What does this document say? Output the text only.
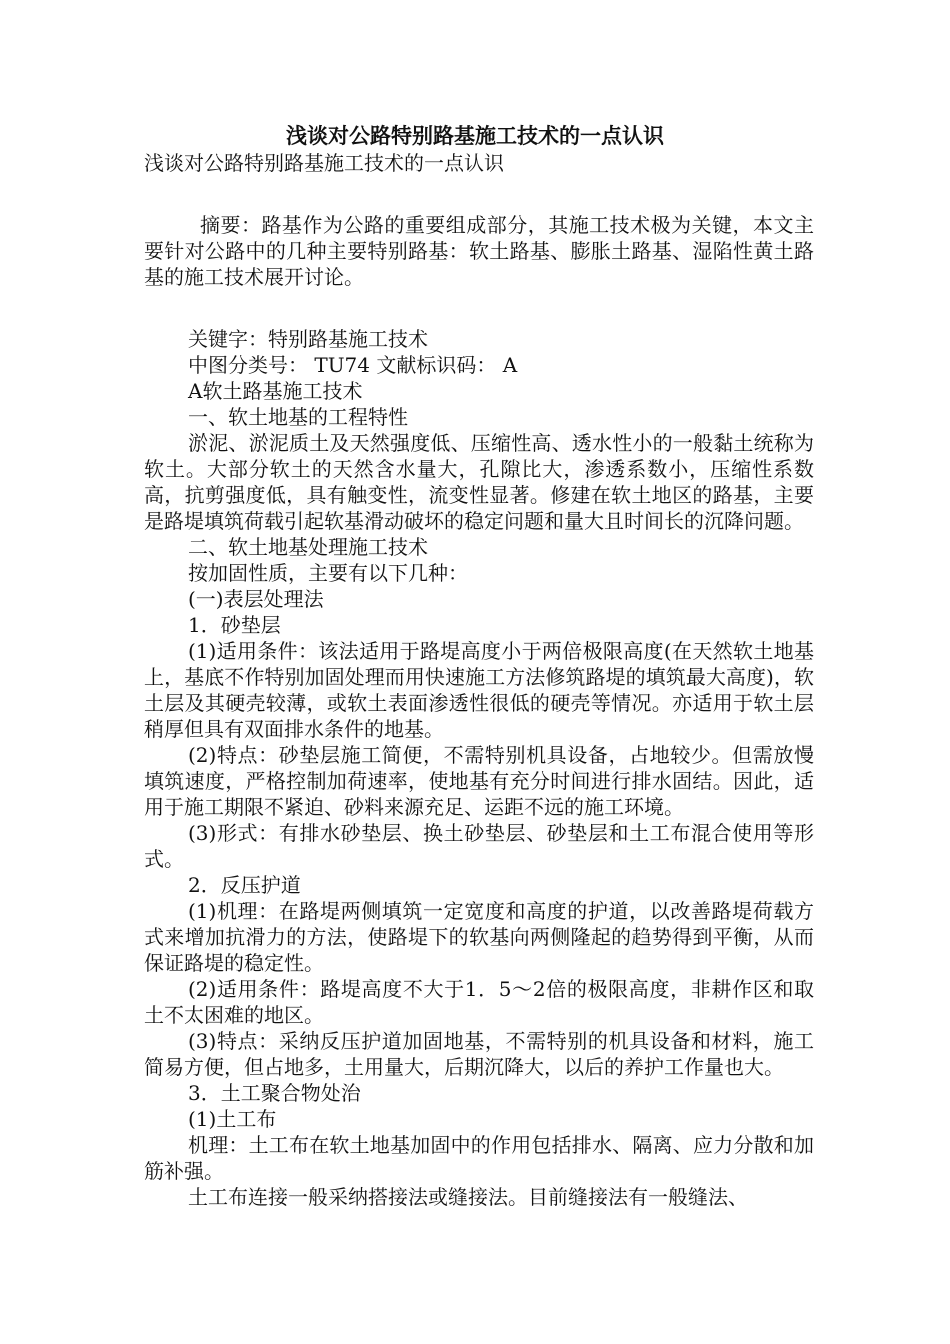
浅谈对公路特别路基施工技术的一点认识

浅谈对公路特别路基施工技术的一点认识

摘要：路基作为公路的重要组成部分，其施工技术极为关键，本文主要针对公路中的几种主要特别路基：软土路基、膨胀土路基、湿陷性黄土路基的施工技术展开讨论。

关键字：特别路基施工技术

中图分类号： TU74 文献标识码： A

A软土路基施工技术

一、软土地基的工程特性

淤泥、淤泥质土及天然强度低、压缩性高、透水性小的一般黏土统称为软土。大部分软土的天然含水量大，孔隙比大，渗透系数小，压缩性系数高，抗剪强度低，具有触变性，流变性显著。修建在软土地区的路基，主要是路堤填筑荷载引起软基滑动破坏的稳定问题和量大且时间长的沉降问题。

二、软土地基处理施工技术

按加固性质，主要有以下几种：

(一)表层处理法

1．砂垫层

(1)适用条件：该法适用于路堤高度小于两倍极限高度(在天然软土地基上，基底不作特别加固处理而用快速施工方法修筑路堤的填筑最大高度)，软土层及其硬壳较薄，或软土表面渗透性很低的硬壳等情况。亦适用于软土层稍厚但具有双面排水条件的地基。

(2)特点：砂垫层施工简便，不需特别机具设备，占地较少。但需放慢填筑速度，严格控制加荷速率，使地基有充分时间进行排水固结。因此，适用于施工期限不紧迫、砂料来源充足、运距不远的施工环境。

(3)形式：有排水砂垫层、换土砂垫层、砂垫层和土工布混合使用等形式。

2．反压护道

(1)机理：在路堤两侧填筑一定宽度和高度的护道，以改善路堤荷载方式来增加抗滑力的方法，使路堤下的软基向两侧隆起的趋势得到平衡，从而保证路堤的稳定性。

(2)适用条件：路堤高度不大于1．5～2倍的极限高度，非耕作区和取土不太困难的地区。

(3)特点：采纳反压护道加固地基，不需特别的机具设备和材料，施工简易方便，但占地多，土用量大，后期沉降大，以后的养护工作量也大。

3．土工聚合物处治

(1)土工布

机理：土工布在软土地基加固中的作用包括排水、隔离、应力分散和加筋补强。

土工布连接一般采纳搭接法或缝接法。目前缝接法有一般缝法、
